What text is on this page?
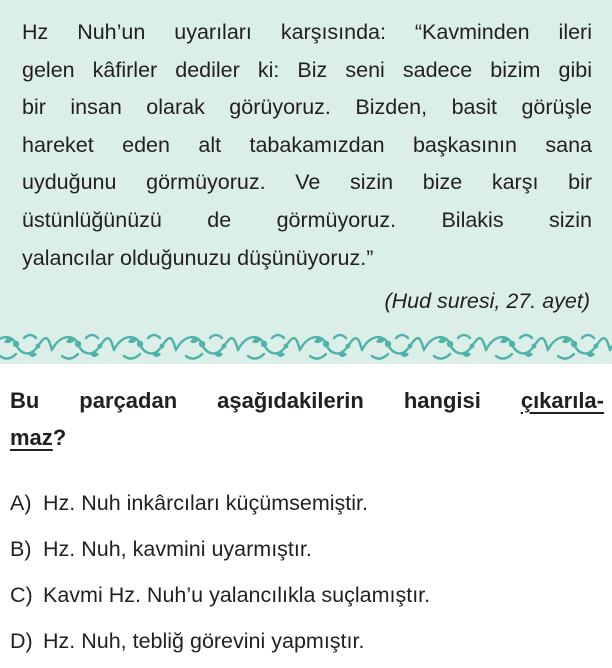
Hz Nuh’un uyarıları karşısında: “Kavminden ileri
gelen kâfirler dediler ki: Biz seni sadece bizim gibi
bir insan olarak görüyoruz. Bizden, basit görüşle
hareket eden alt tabakamızdan başkasının sana
uyduğunu görmüyoruz. Ve sizin bize karşı bir
üstünlüğünüzü de görmüyoruz. Bilakis sizin
yalancılar olduğunuzu düşünüyoruz.”
(Hud suresi, 27. ayet)
Bu parçadan aşağıdakilerin hangisi çıkarıla-
maz?
A) Hz. Nuh inkârcıları küçümsemiştir.
B) Hz. Nuh, kavmini uyarmıştır.
C) Kavmi Hz. Nuh’u yalancılıkla suçlamıştır.
D) Hz. Nuh, tebliğ görevini yapmıştır.
